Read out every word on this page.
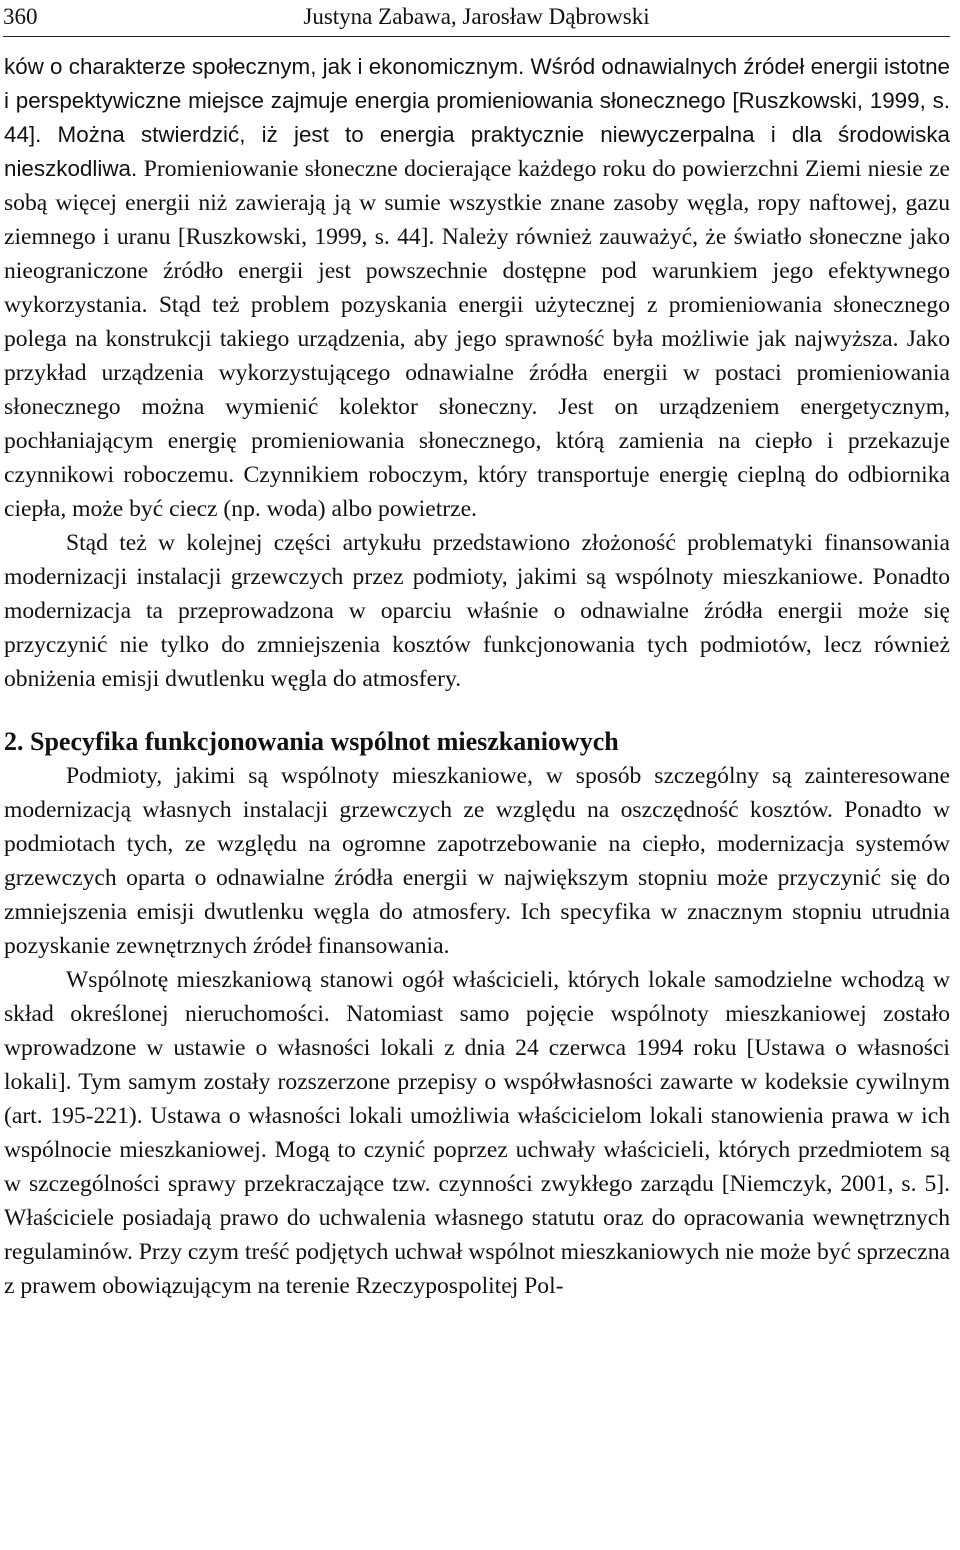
360	Justyna Zabawa, Jarosław Dąbrowski

ków o charakterze społecznym, jak i ekonomicznym. Wśród odnawialnych źródeł energii istotne i perspektywiczne miejsce zajmuje energia promieniowania słonecznego [Ruszkowski, 1999, s. 44]. Można stwierdzić, iż jest to energia praktycznie niewyczerpalna i dla środowiska nieszkodliwa. Promieniowanie słoneczne docierające każdego roku do powierzchni Ziemi niesie ze sobą więcej energii niż zawierają ją w sumie wszystkie znane zasoby węgla, ropy naftowej, gazu ziemnego i uranu [Ruszkowski, 1999, s. 44]. Należy również zauważyć, że światło słoneczne jako nieograniczone źródło energii jest powszechnie dostępne pod warunkiem jego efektywnego wykorzystania. Stąd też problem pozyskania energii użytecznej z promieniowania słonecznego polega na konstrukcji takiego urządzenia, aby jego sprawność była możliwie jak najwyższa. Jako przykład urządzenia wykorzystującego odnawialne źródła energii w postaci promieniowania słonecznego można wymienić kolektor słoneczny. Jest on urządzeniem energetycznym, pochłaniającym energię promieniowania słonecznego, którą zamienia na ciepło i przekazuje czynnikowi roboczemu. Czynnikiem roboczym, który transportuje energię cieplną do odbiornika ciepła, może być ciecz (np. woda) albo powietrze.

Stąd też w kolejnej części artykułu przedstawiono złożoność problematyki finansowania modernizacji instalacji grzewczych przez podmioty, jakimi są wspólnoty mieszkaniowe. Ponadto modernizacja ta przeprowadzona w oparciu właśnie o odnawialne źródła energii może się przyczynić nie tylko do zmniejszenia kosztów funkcjonowania tych podmiotów, lecz również obniżenia emisji dwutlenku węgla do atmosfery.

2. Specyfika funkcjonowania wspólnot mieszkaniowych

Podmioty, jakimi są wspólnoty mieszkaniowe, w sposób szczególny są zainteresowane modernizacją własnych instalacji grzewczych ze względu na oszczędność kosztów. Ponadto w podmiotach tych, ze względu na ogromne zapotrzebowanie na ciepło, modernizacja systemów grzewczych oparta o odnawialne źródła energii w największym stopniu może przyczynić się do zmniejszenia emisji dwutlenku węgla do atmosfery. Ich specyfika w znacznym stopniu utrudnia pozyskanie zewnętrznych źródeł finansowania.

Wspólnotę mieszkaniową stanowi ogół właścicieli, których lokale samodzielne wchodzą w skład określonej nieruchomości. Natomiast samo pojęcie wspólnoty mieszkaniowej zostało wprowadzone w ustawie o własności lokali z dnia 24 czerwca 1994 roku [Ustawa o własności lokali]. Tym samym zostały rozszerzone przepisy o współwłasności zawarte w kodeksie cywilnym (art. 195-221). Ustawa o własności lokali umożliwia właścicielom lokali stanowienia prawa w ich wspólnocie mieszkaniowej. Mogą to czynić poprzez uchwały właścicieli, których przedmiotem są w szczególności sprawy przekraczające tzw. czynności zwykłego zarządu [Niemczyk, 2001, s. 5]. Właściciele posiadają prawo do uchwalenia własnego statutu oraz do opracowania wewnętrznych regulaminów. Przy czym treść podjętych uchwał wspólnot mieszkaniowych nie może być sprzeczna z prawem obowiązującym na terenie Rzeczypospolitej Pol-
